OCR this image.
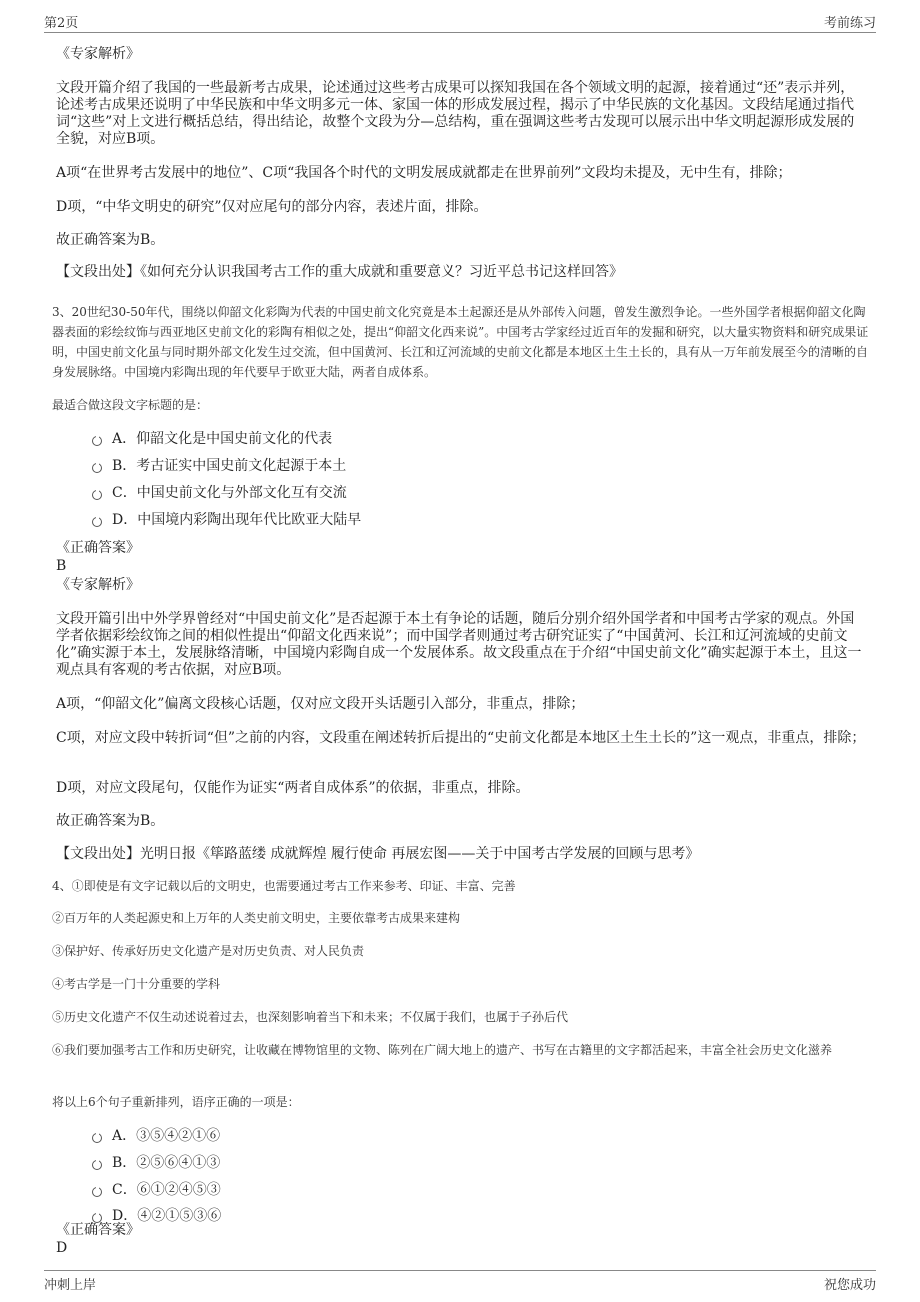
第2页	考前练习

《专家解析》

文段开篇介绍了我国的一些最新考古成果，论述通过这些考古成果可以探知我国在各个领域文明的起源，接着通过“还”表示并列，论述考古成果还说明了中华民族和中华文明多元一体、家国一体的形成发展过程，揭示了中华民族的文化基因。文段结尾通过指代词“这些”对上文进行概括总结，得出结论，故整个文段为分—总结构，重在强调这些考古发现可以展示出中华文明起源形成发展的全貌，对应B项。

A项“在世界考古发展中的地位”、C项“我国各个时代的文明发展成就都走在世界前列”文段均未提及，无中生有，排除；

D项，“中华文明史的研究”仅对应尾句的部分内容，表述片面，排除。

故正确答案为B。

【文段出处】《如何充分认识我国考古工作的重大成就和重要意义？习近平总书记这样回答》

3、20世纪30-50年代，围绕以仰韶文化彩陶为代表的中国史前文化究竟是本土起源还是从外部传入问题，曾发生激烈争论。一些外国学者根据仰韶文化陶器表面的彩绘纹饰与西亚地区史前文化的彩陶有相似之处，提出“仰韶文化西来说”。中国考古学家经过近百年的发掘和研究，以大量实物资料和研究成果证明，中国史前文化虽与同时期外部文化发生过交流，但中国黄河、长江和辽河流域的史前文化都是本地区土生土长的，具有从一万年前发展至今的清晰的自身发展脉络。中国境内彩陶出现的年代要早于欧亚大陆，两者自成体系。

最适合做这段文字标题的是：

A．仰韶文化是中国史前文化的代表
B．考古证实中国史前文化起源于本土
C．中国史前文化与外部文化互有交流
D．中国境内彩陶出现年代比欧亚大陆早

《正确答案》

B

《专家解析》

文段开篇引出中外学界曾经对“中国史前文化”是否起源于本土有争论的话题，随后分别介绍外国学者和中国考古学家的观点。外国学者依据彩绘纹饰之间的相似性提出“仰韶文化西来说”；而中国学者则通过考古研究证实了“中国黄河、长江和辽河流域的史前文化”确实源于本土，发展脉络清晰，中国境内彩陶自成一个发展体系。故文段重点在于介绍“中国史前文化”确实起源于本土，且这一观点具有客观的考古依据，对应B项。

A项，“仰韶文化”偏离文段核心话题，仅对应文段开头话题引入部分，非重点，排除；

C项，对应文段中转折词“但”之前的内容，文段重在阐述转折后提出的“史前文化都是本地区土生土长的”这一观点，非重点，排除；

D项，对应文段尾句，仅能作为证实“两者自成体系”的依据，非重点，排除。

故正确答案为B。

【文段出处】光明日报《筚路蓝缕 成就辉煌 履行使命 再展宏图——关于中国考古学发展的回顾与思考》

4、①即使是有文字记载以后的文明史，也需要通过考古工作来参考、印证、丰富、完善

②百万年的人类起源史和上万年的人类史前文明史，主要依靠考古成果来建构

③保护好、传承好历史文化遗产是对历史负责、对人民负责

④考古学是一门十分重要的学科

⑤历史文化遗产不仅生动述说着过去，也深刻影响着当下和未来；不仅属于我们，也属于子孙后代

⑥我们要加强考古工作和历史研究，让收藏在博物馆里的文物、陈列在广阔大地上的遗产、书写在古籍里的文字都活起来，丰富全社会历史文化滋养

将以上6个句子重新排列，语序正确的一项是：

A．③⑤④②①⑥
B．②⑤⑥④①③
C．⑥①②④⑤③
D．④②①⑤③⑥

《正确答案》

D

冲刺上岸	祝您成功
